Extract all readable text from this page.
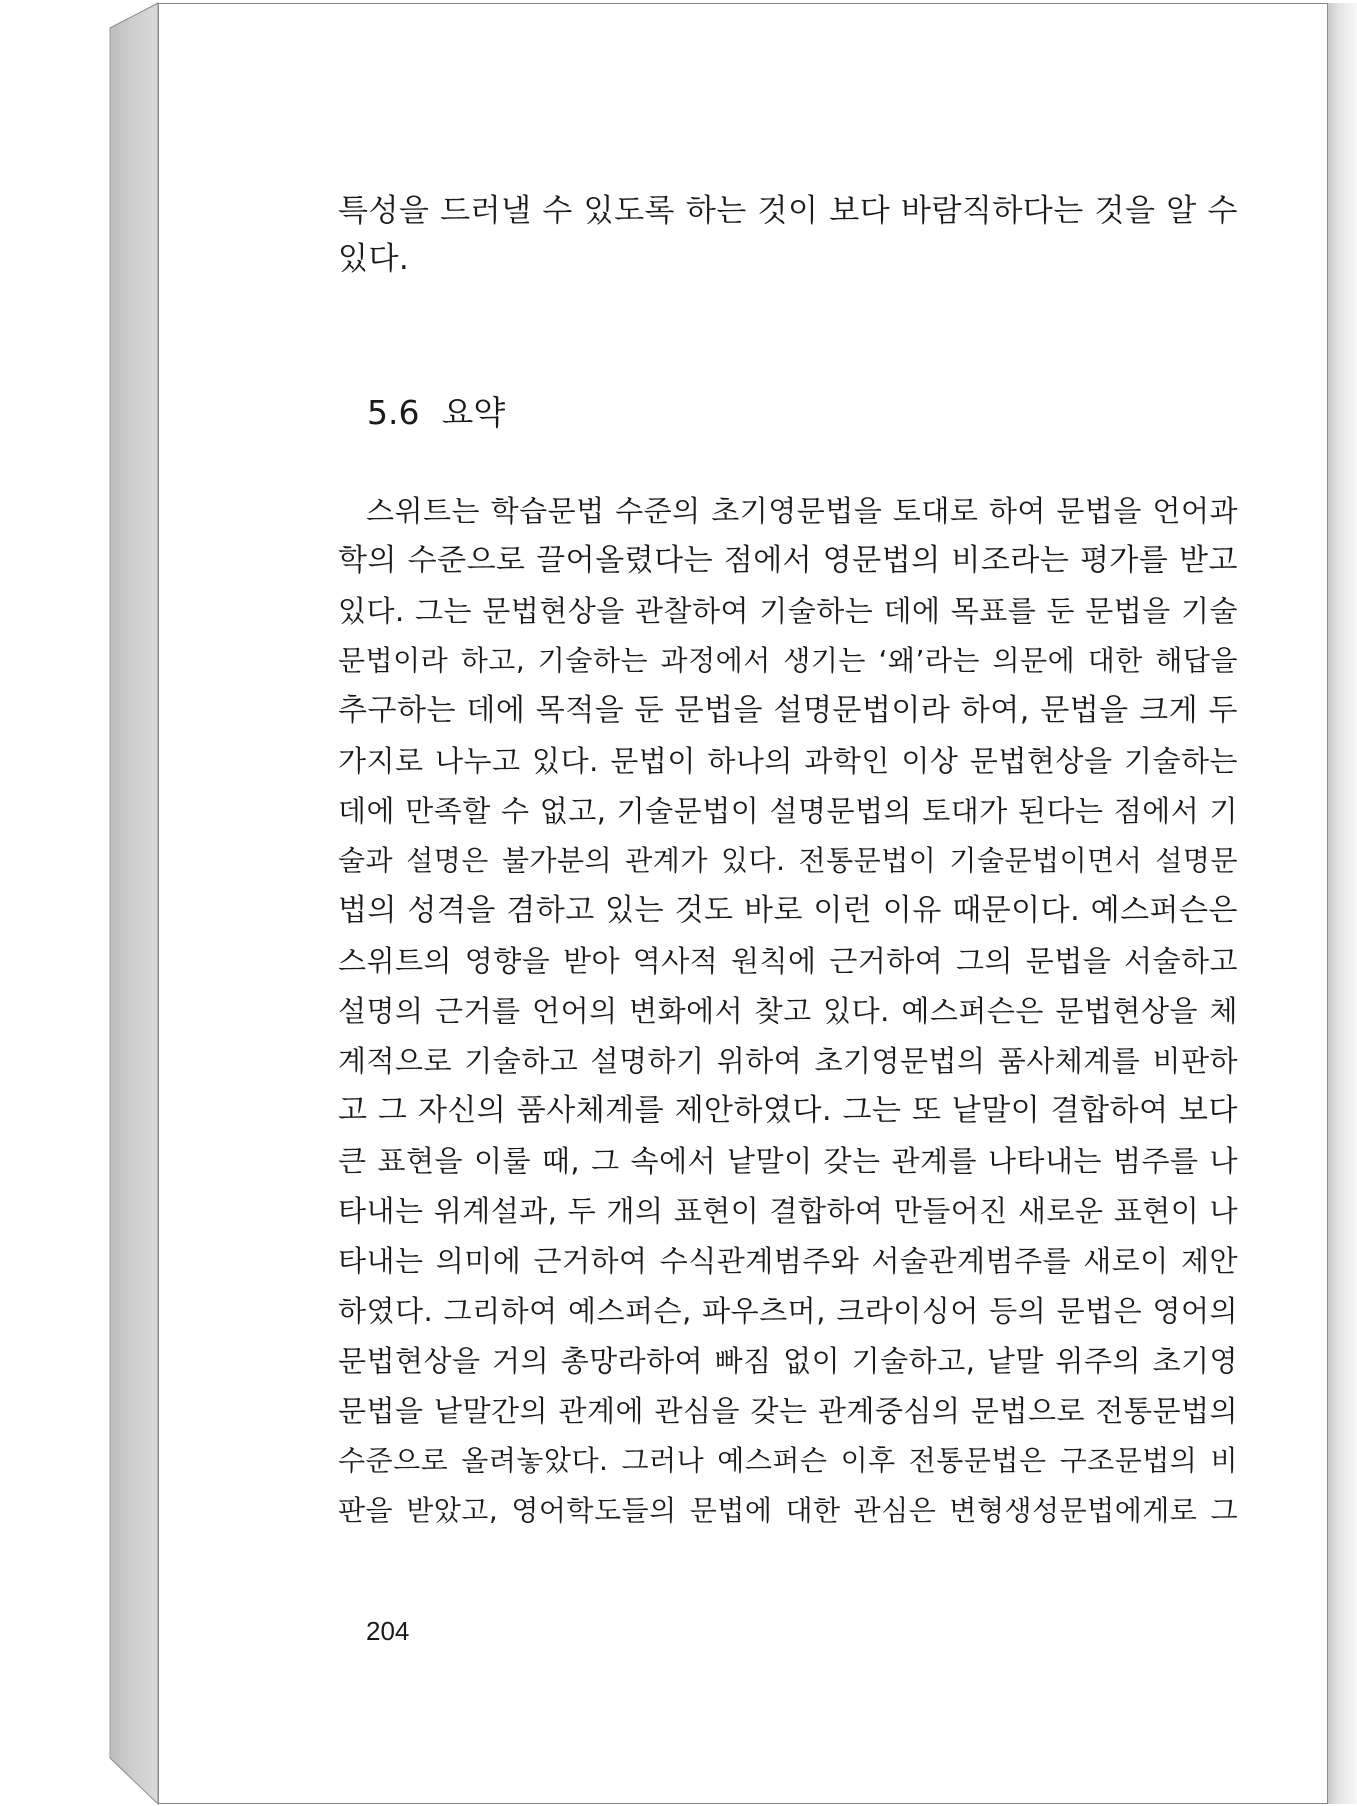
특성을 드러낼 수 있도록 하는 것이 보다 바람직하다는 것을 알 수
있다.
5.6 요약
스위트는 학습문법 수준의 초기영문법을 토대로 하여 문법을 언어과
학의 수준으로 끌어올렸다는 점에서 영문법의 비조라는 평가를 받고
있다. 그는 문법현상을 관찰하여 기술하는 데에 목표를 둔 문법을 기술
문법이라 하고, 기술하는 과정에서 생기는 ‘왜’라는 의문에 대한 해답을
추구하는 데에 목적을 둔 문법을 설명문법이라 하여, 문법을 크게 두
가지로 나누고 있다. 문법이 하나의 과학인 이상 문법현상을 기술하는
데에 만족할 수 없고, 기술문법이 설명문법의 토대가 된다는 점에서 기
술과 설명은 불가분의 관계가 있다. 전통문법이 기술문법이면서 설명문
법의 성격을 겸하고 있는 것도 바로 이런 이유 때문이다. 예스퍼슨은
스위트의 영향을 받아 역사적 원칙에 근거하여 그의 문법을 서술하고
설명의 근거를 언어의 변화에서 찾고 있다. 예스퍼슨은 문법현상을 체
계적으로 기술하고 설명하기 위하여 초기영문법의 품사체계를 비판하
고 그 자신의 품사체계를 제안하였다. 그는 또 낱말이 결합하여 보다
큰 표현을 이룰 때, 그 속에서 낱말이 갖는 관계를 나타내는 범주를 나
타내는 위계설과, 두 개의 표현이 결합하여 만들어진 새로운 표현이 나
타내는 의미에 근거하여 수식관계범주와 서술관계범주를 새로이 제안
하였다. 그리하여 예스퍼슨, 파우츠머, 크라이싱어 등의 문법은 영어의
문법현상을 거의 총망라하여 빠짐 없이 기술하고, 낱말 위주의 초기영
문법을 낱말간의 관계에 관심을 갖는 관계중심의 문법으로 전통문법의
수준으로 올려놓았다. 그러나 예스퍼슨 이후 전통문법은 구조문법의 비
판을 받았고, 영어학도들의 문법에 대한 관심은 변형생성문법에게로 그
204
